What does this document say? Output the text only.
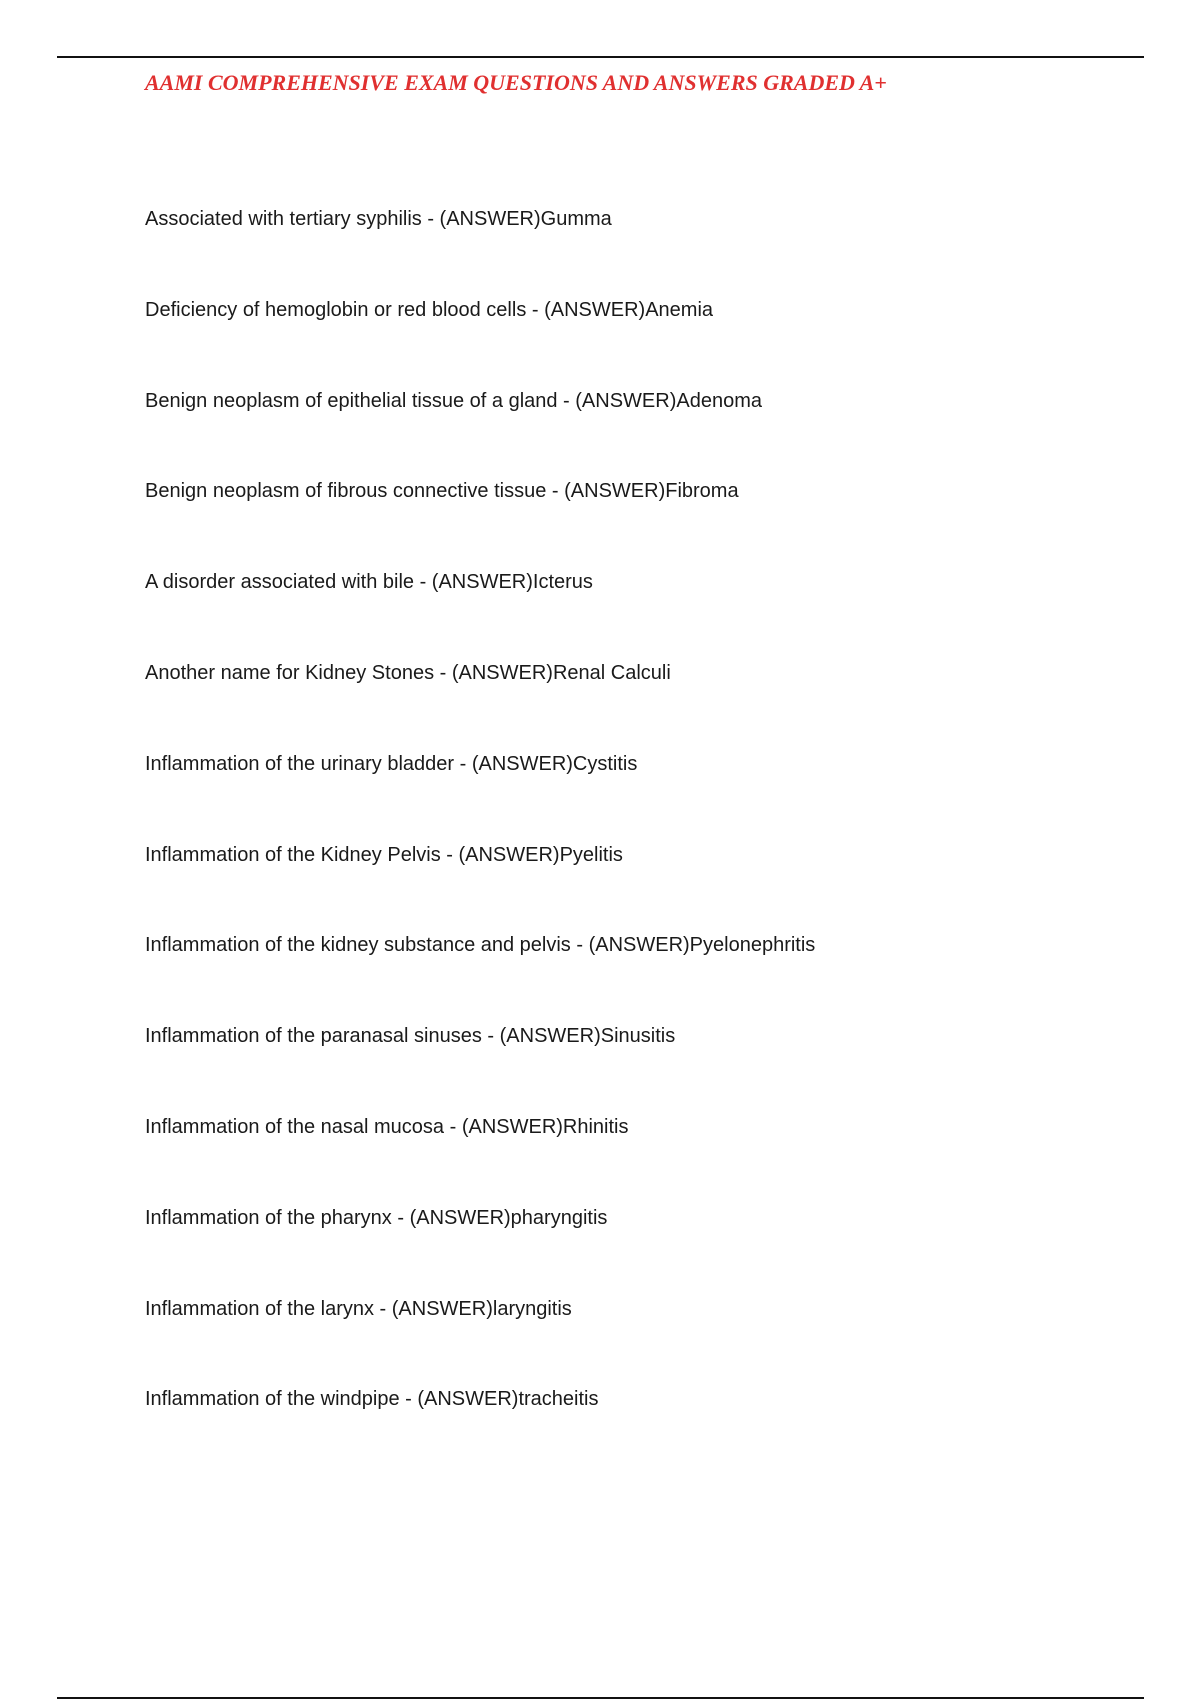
AAMI COMPREHENSIVE EXAM QUESTIONS AND ANSWERS GRADED A+
Associated with tertiary syphilis - (ANSWER)Gumma
Deficiency of hemoglobin or red blood cells - (ANSWER)Anemia
Benign neoplasm of epithelial tissue of a gland - (ANSWER)Adenoma
Benign neoplasm of fibrous connective tissue - (ANSWER)Fibroma
A disorder associated with bile - (ANSWER)Icterus
Another name for Kidney Stones - (ANSWER)Renal Calculi
Inflammation of the urinary bladder - (ANSWER)Cystitis
Inflammation of the Kidney Pelvis - (ANSWER)Pyelitis
Inflammation of the kidney substance and pelvis - (ANSWER)Pyelonephritis
Inflammation of the paranasal sinuses - (ANSWER)Sinusitis
Inflammation of the nasal mucosa - (ANSWER)Rhinitis
Inflammation of the pharynx - (ANSWER)pharyngitis
Inflammation of the larynx - (ANSWER)laryngitis
Inflammation of the windpipe - (ANSWER)tracheitis
